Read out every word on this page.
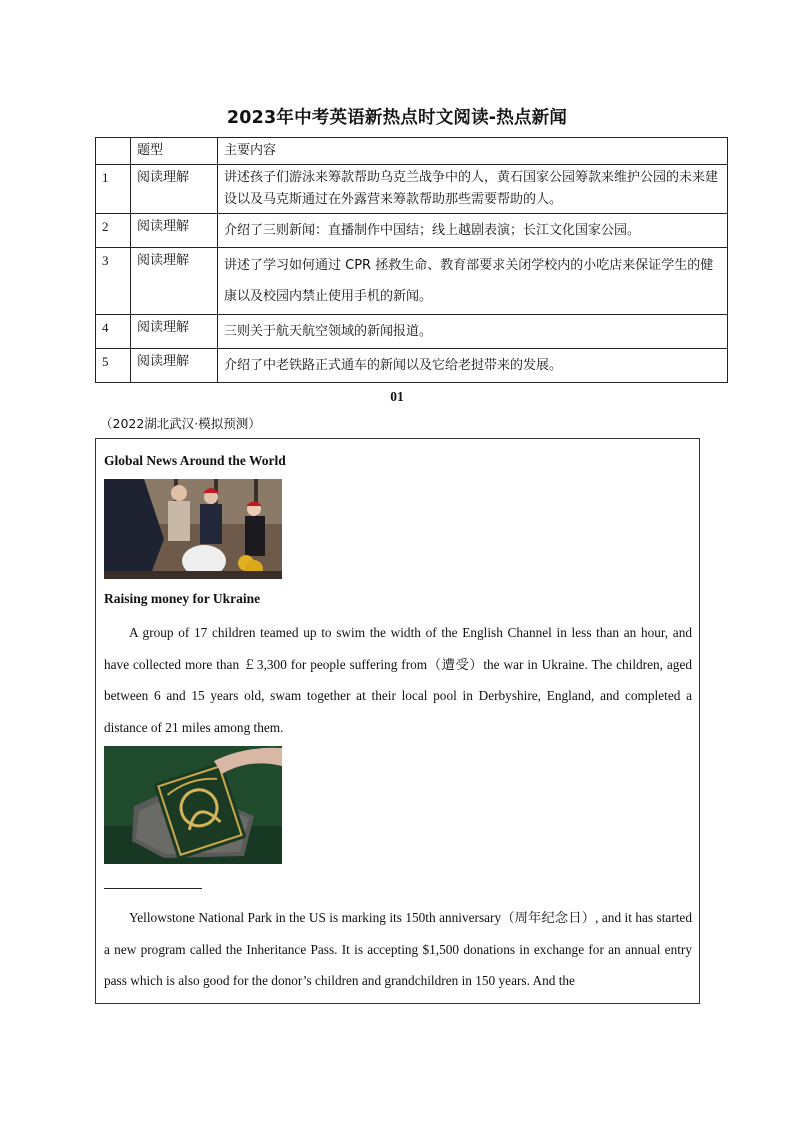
2023年中考英语新热点时文阅读-热点新闻
	题型	主要内容
1	阅读理解	讲述孩子们游泳来筹款帮助乌克兰战争中的人，黄石国家公园筹款来维护公园的未来建设以及马克斯通过在外露营来筹款帮助那些需要帮助的人。
2	阅读理解	介绍了三则新闻：直播制作中国结；线上越剧表演；长江文化国家公园。
3	阅读理解	讲述了学习如何通过 CPR 拯救生命、教育部要求关闭学校内的小吃店来保证学生的健康以及校园内禁止使用手机的新闻。
4	阅读理解	三则关于航天航空领域的新闻报道。
5	阅读理解	介绍了中老铁路正式通车的新闻以及它给老挝带来的发展。
01
（2022湖北武汉·模拟预测）
Global News Around the World
Raising money for Ukraine
A group of 17 children teamed up to swim the width of the English Channel in less than an hour, and have collected more than ￡3,300 for people suffering from（遭受）the war in Ukraine. The children, aged between 6 and 15 years old, swam together at their local pool in Derbyshire, England, and completed a distance of 21 miles among them.
Yellowstone National Park in the US is marking its 150th anniversary（周年纪念日）, and it has started a new program called the Inheritance Pass. It is accepting $1,500 donations in exchange for an annual entry pass which is also good for the donor’s children and grandchildren in 150 years. And the
